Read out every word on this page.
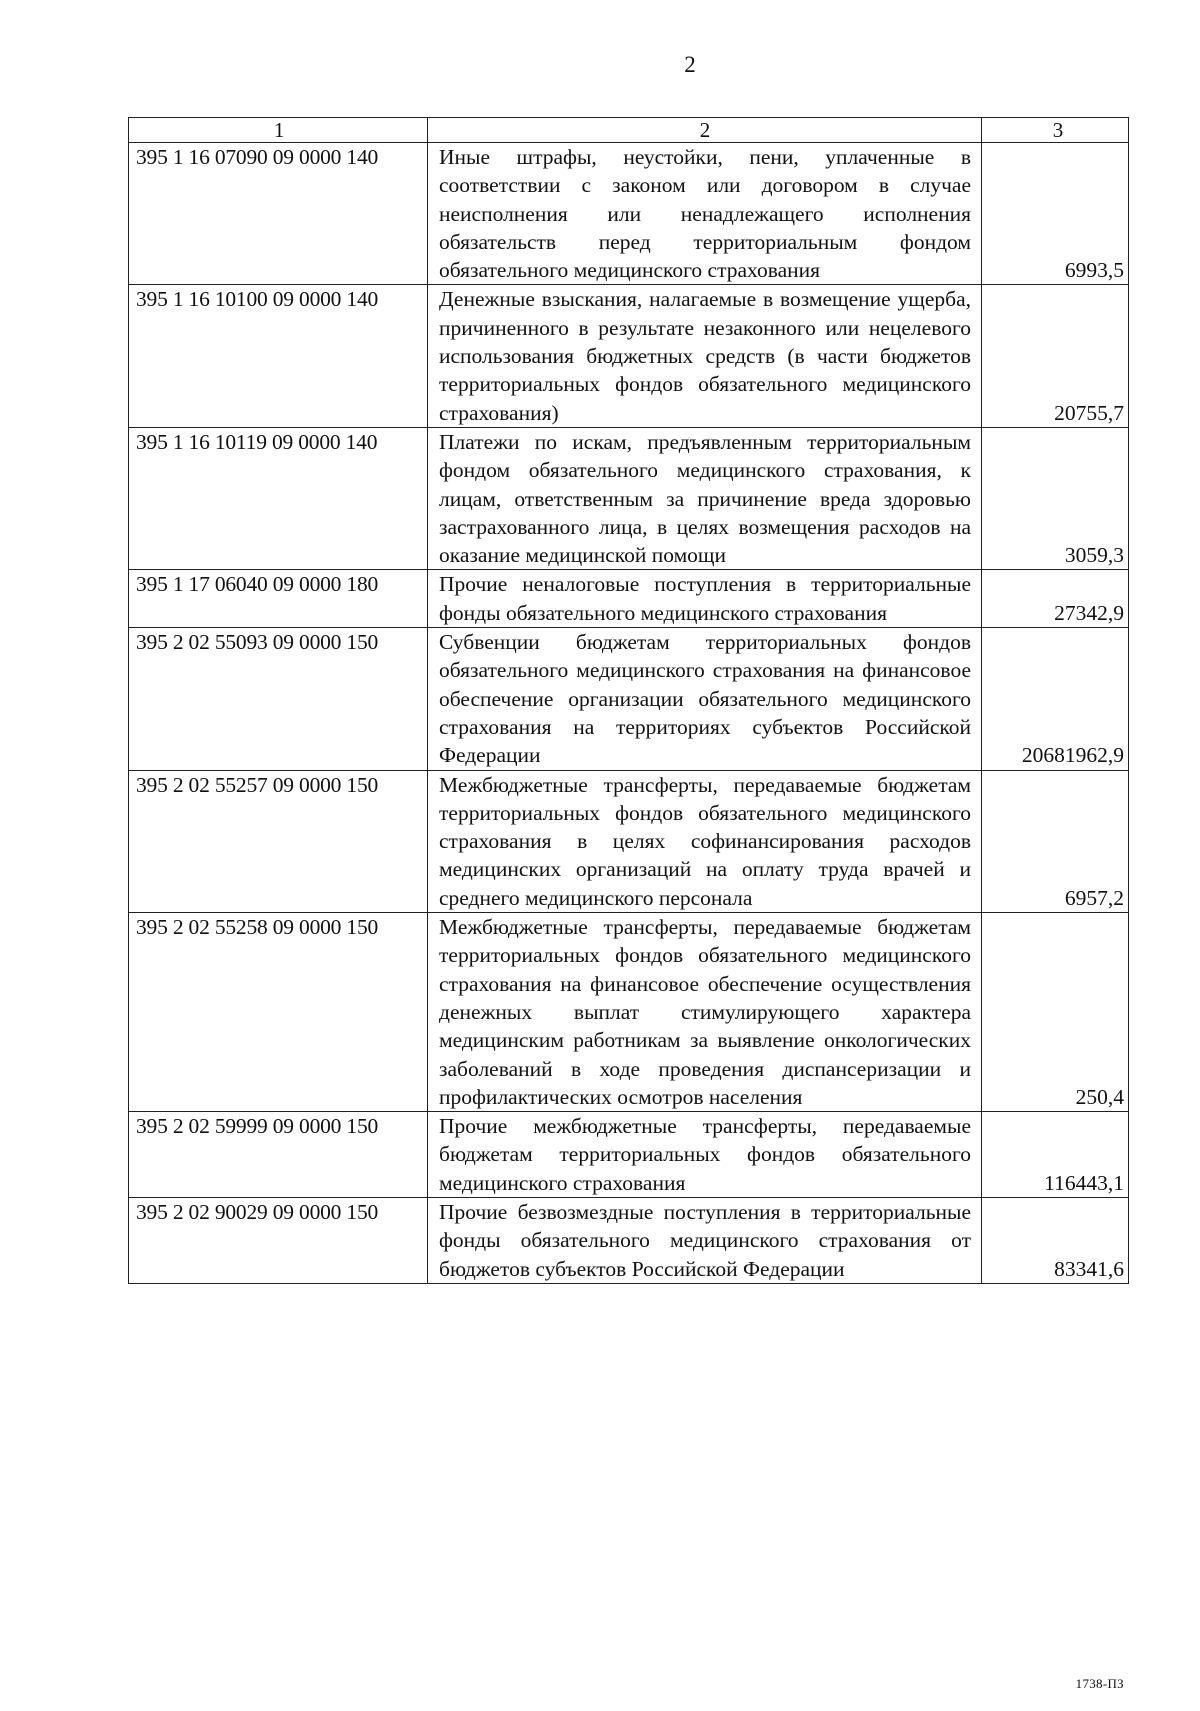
2
1	2	3
395 1 16 07090 09 0000 140	Иные штрафы, неустойки, пени, уплаченные в соответствии с законом или договором в случае неисполнения или ненадлежащего исполнения обязательств перед территориальным фондом обязательного медицинского страхования	6993,5
395 1 16 10100 09 0000 140	Денежные взыскания, налагаемые в возмещение ущерба, причиненного в результате незаконного или нецелевого использования бюджетных средств (в части бюджетов территориальных фондов обязательного медицинского страхования)	20755,7
395 1 16 10119 09 0000 140	Платежи по искам, предъявленным территориальным фондом обязательного медицинского страхования, к лицам, ответственным за причинение вреда здоровью застрахованного лица, в целях возмещения расходов на оказание медицинской помощи	3059,3
395 1 17 06040 09 0000 180	Прочие неналоговые поступления в территориальные фонды обязательного медицинского страхования	27342,9
395 2 02 55093 09 0000 150	Субвенции бюджетам территориальных фондов обязательного медицинского страхования на финансовое обеспечение организации обязательного медицинского страхования на территориях субъектов Российской Федерации	20681962,9
395 2 02 55257 09 0000 150	Межбюджетные трансферты, передаваемые бюджетам территориальных фондов обязательного медицинского страхования в целях софинансирования расходов медицинских организаций на оплату труда врачей и среднего медицинского персонала	6957,2
395 2 02 55258 09 0000 150	Межбюджетные трансферты, передаваемые бюджетам территориальных фондов обязательного медицинского страхования на финансовое обеспечение осуществления денежных выплат стимулирующего характера медицинским работникам за выявление онкологических заболеваний в ходе проведения диспансеризации и профилактических осмотров населения	250,4
395 2 02 59999 09 0000 150	Прочие межбюджетные трансферты, передаваемые бюджетам территориальных фондов обязательного медицинского страхования	116443,1
395 2 02 90029 09 0000 150	Прочие безвозмездные поступления в территориальные фонды обязательного медицинского страхования от бюджетов субъектов Российской Федерации	83341,6
1738-ПЗ
